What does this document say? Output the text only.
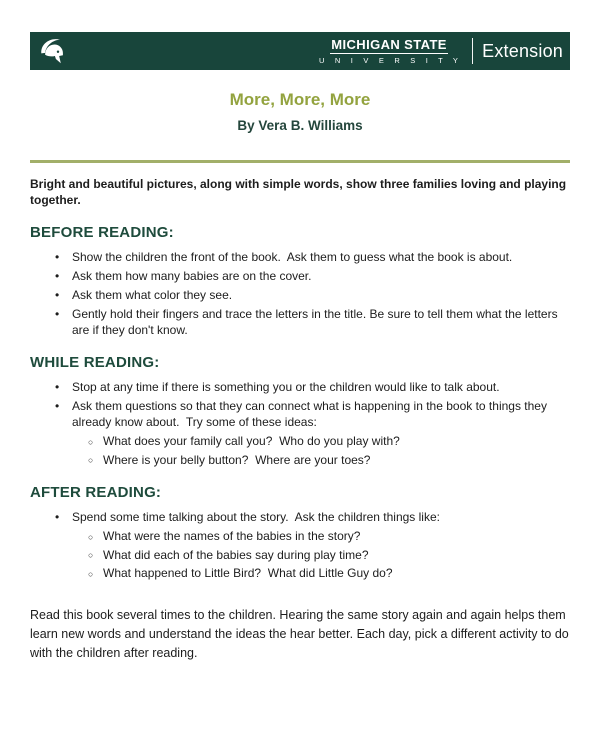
MICHIGAN STATE
U N I V E R S I T Y Extension
More, More, More
By Vera B. Williams
Bright and beautiful pictures, along with simple words, show three families loving and playing together.
BEFORE READING:
•	Show the children the front of the book.  Ask them to guess what the book is about.
•	Ask them how many babies are on the cover.
•	Ask them what color they see.
•	Gently hold their fingers and trace the letters in the title. Be sure to tell them what the letters are if they don't know.
WHILE READING:
•	Stop at any time if there is something you or the children would like to talk about.
•	Ask them questions so that they can connect what is happening in the book to things they already know about.  Try some of these ideas:
○ What does your family call you?  Who do you play with?
○ Where is your belly button?  Where are your toes?
AFTER READING:
•	Spend some time talking about the story.  Ask the children things like:
○ What were the names of the babies in the story?
○ What did each of the babies say during play time?
○ What happened to Little Bird?  What did Little Guy do?
Read this book several times to the children. Hearing the same story again and again helps them learn new words and understand the ideas the hear better. Each day, pick a different activity to do with the children after reading.
